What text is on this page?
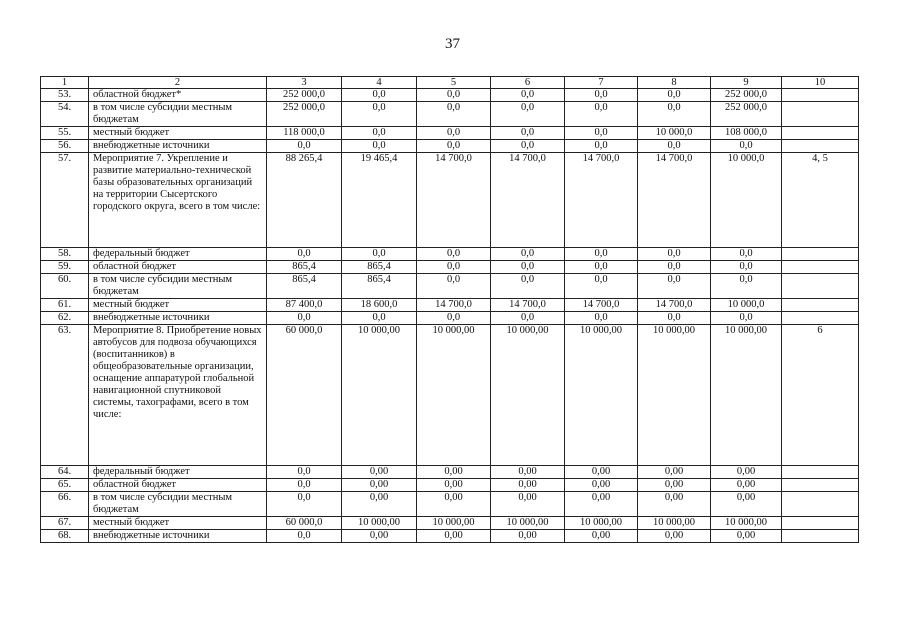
37
1	2	3	4	5	6	7	8	9	10
53.	областной бюджет*	252 000,0	0,0	0,0	0,0	0,0	0,0	252 000,0	
54.	в том числе субсидии местным бюджетам	252 000,0	0,0	0,0	0,0	0,0	0,0	252 000,0	
55.	местный бюджет	118 000,0	0,0	0,0	0,0	0,0	10 000,0	108 000,0	
56.	внебюджетные источники	0,0	0,0	0,0	0,0	0,0	0,0	0,0	
57.	Мероприятие 7. Укрепление и развитие материально-технической базы образовательных организаций на территории Сысертского городского округа, всего в том числе:	88 265,4	19 465,4	14 700,0	14 700,0	14 700,0	14 700,0	10 000,0	4, 5
58.	федеральный бюджет	0,0	0,0	0,0	0,0	0,0	0,0	0,0	
59.	областной бюджет	865,4	865,4	0,0	0,0	0,0	0,0	0,0	
60.	в том числе субсидии местным бюджетам	865,4	865,4	0,0	0,0	0,0	0,0	0,0	
61.	местный бюджет	87 400,0	18 600,0	14 700,0	14 700,0	14 700,0	14 700,0	10 000,0	
62.	внебюджетные источники	0,0	0,0	0,0	0,0	0,0	0,0	0,0	
63.	Мероприятие 8. Приобретение новых автобусов для подвоза обучающихся (воспитанников) в общеобразовательные организации, оснащение аппаратурой глобальной навигационной спутниковой системы, тахографами, всего в том числе:	60 000,0	10 000,00	10 000,00	10 000,00	10 000,00	10 000,00	10 000,00	6
64.	федеральный бюджет	0,0	0,00	0,00	0,00	0,00	0,00	0,00	
65.	областной бюджет	0,0	0,00	0,00	0,00	0,00	0,00	0,00	
66.	в том числе субсидии местным бюджетам	0,0	0,00	0,00	0,00	0,00	0,00	0,00	
67.	местный бюджет	60 000,0	10 000,00	10 000,00	10 000,00	10 000,00	10 000,00	10 000,00	
68.	внебюджетные источники	0,0	0,00	0,00	0,00	0,00	0,00	0,00	
